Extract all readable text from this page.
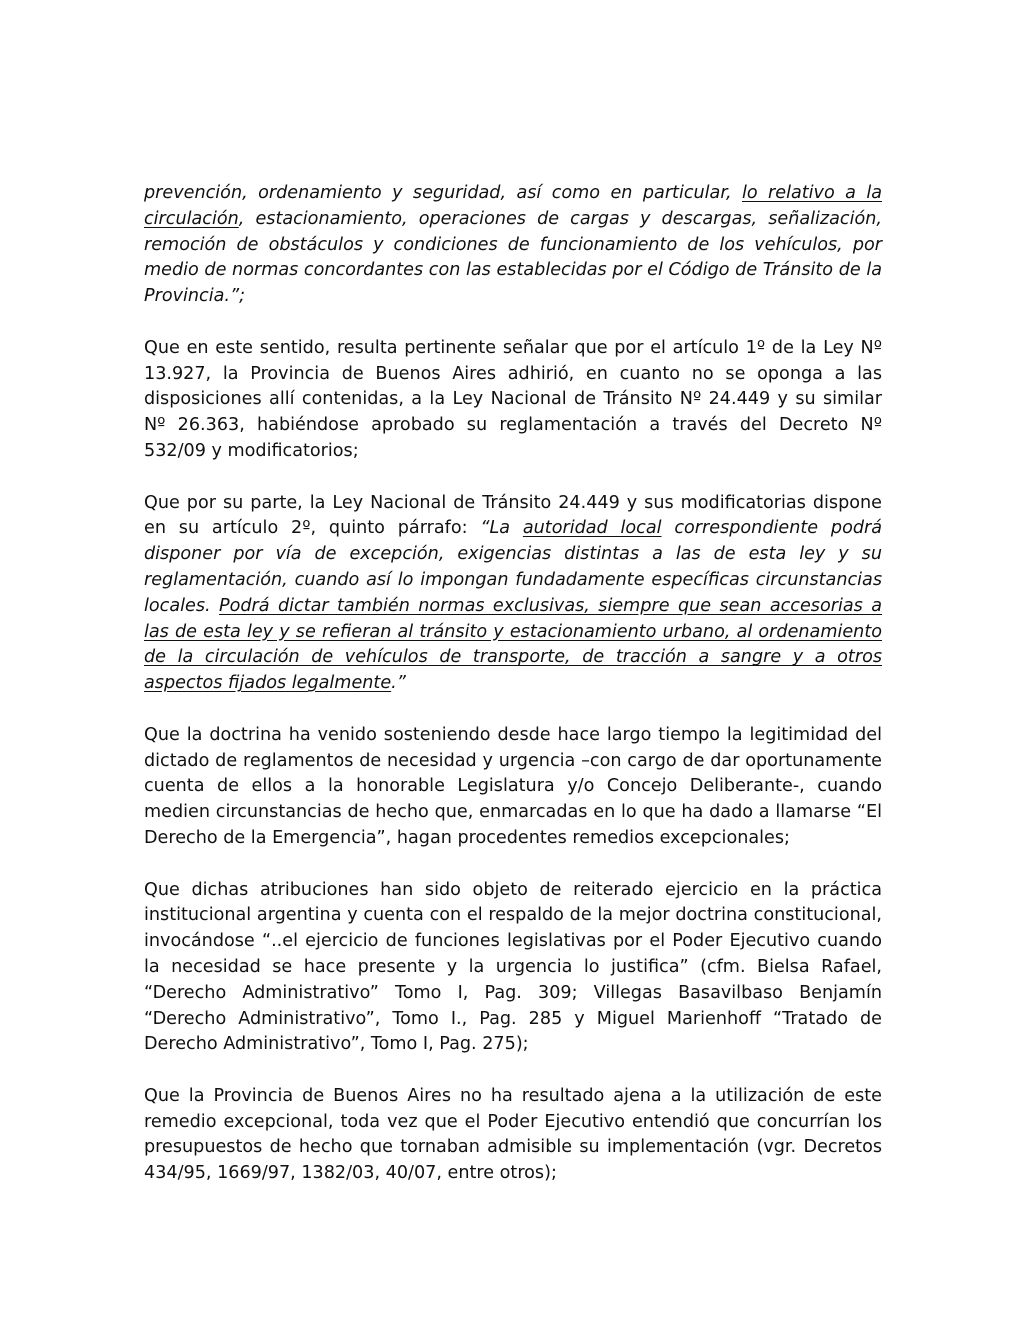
prevención, ordenamiento y seguridad, así como en particular, lo relativo a la circulación, estacionamiento, operaciones de cargas y descargas, señalización, remoción de obstáculos y condiciones de funcionamiento de los vehículos, por medio de normas concordantes con las establecidas por el Código de Tránsito de la Provincia.”;

Que en este sentido, resulta pertinente señalar que por el artículo 1º de la Ley Nº 13.927, la Provincia de Buenos Aires adhirió, en cuanto no se oponga a las disposiciones allí contenidas, a la Ley Nacional de Tránsito Nº 24.449 y su similar Nº 26.363, habiéndose aprobado su reglamentación a través del Decreto Nº 532/09 y modificatorios;

Que por su parte, la Ley Nacional de Tránsito 24.449 y sus modificatorias dispone en su artículo 2º, quinto párrafo: “La autoridad local correspondiente podrá disponer por vía de excepción, exigencias distintas a las de esta ley y su reglamentación, cuando así lo impongan fundadamente específicas circunstancias locales. Podrá dictar también normas exclusivas, siempre que sean accesorias a las de esta ley y se refieran al tránsito y estacionamiento urbano, al ordenamiento de la circulación de vehículos de transporte, de tracción a sangre y a otros aspectos fijados legalmente.”

Que la doctrina ha venido sosteniendo desde hace largo tiempo la legitimidad del dictado de reglamentos de necesidad y urgencia –con cargo de dar oportunamente cuenta de ellos a la honorable Legislatura y/o Concejo Deliberante-, cuando medien circunstancias de hecho que, enmarcadas en lo que ha dado a llamarse “El Derecho de la Emergencia”, hagan procedentes remedios excepcionales;

Que dichas atribuciones han sido objeto de reiterado ejercicio en la práctica institucional argentina y cuenta con el respaldo de la mejor doctrina constitucional, invocándose “..el ejercicio de funciones legislativas por el Poder Ejecutivo cuando la necesidad se hace presente y la urgencia lo justifica” (cfm. Bielsa Rafael, “Derecho Administrativo” Tomo I, Pag. 309; Villegas Basavilbaso Benjamín “Derecho Administrativo”, Tomo I., Pag. 285 y Miguel Marienhoff “Tratado de Derecho Administrativo”, Tomo I, Pag. 275);

Que la Provincia de Buenos Aires no ha resultado ajena a la utilización de este remedio excepcional, toda vez que el Poder Ejecutivo entendió que concurrían los presupuestos de hecho que tornaban admisible su implementación (vgr. Decretos 434/95, 1669/97, 1382/03, 40/07, entre otros);
